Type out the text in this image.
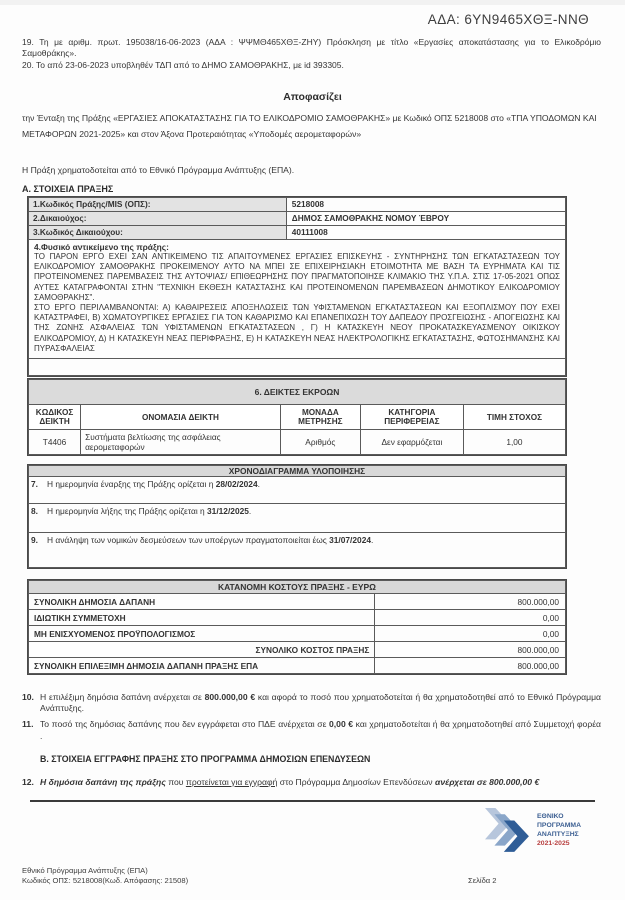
ΑΔΑ: 6ΥΝ9465ΧΘΞ-ΝΝΘ

19. Τη με αριθμ. πρωτ. 195038/16-06-2023 (ΑΔΑ : ΨΨΜΘ465ΧΘΞ-ΖΗΥ) Πρόσκληση με τίτλο «Εργασίες αποκατάστασης για το Ελικοδρόμιο Σαμοθράκης».

20. Το από 23-06-2023 υποβληθέν ΤΔΠ από το ΔΗΜΟ ΣΑΜΟΘΡΑΚΗΣ, με id 393305.

Αποφασίζει

την Ένταξη της Πράξης «ΕΡΓΑΣΙΕΣ ΑΠΟΚΑΤΑΣΤΑΣΗΣ ΓΙΑ ΤΟ ΕΛΙΚΟΔΡΟΜΙΟ ΣΑΜΟΘΡΑΚΗΣ» με Κωδικό ΟΠΣ 5218008 στο «ΤΠΑ ΥΠΟΔΟΜΩΝ ΚΑΙ ΜΕΤΑΦΟΡΩΝ 2021-2025» και στον Άξονα Προτεραιότητας «Υποδομές αερομεταφορών»

Η Πράξη χρηματοδοτείται από το Εθνικό Πρόγραμμα Ανάπτυξης (ΕΠΑ).

Α. ΣΤΟΙΧΕΙΑ ΠΡΑΞΗΣ
1.Κωδικός Πράξης/MIS (ΟΠΣ):	5218008
2.Δικαιούχος:	ΔΗΜΟΣ ΣΑΜΟΘΡΑΚΗΣ ΝΟΜΟΥ ΈΒΡΟΥ
3.Κωδικός Δικαιούχου:	40111008

4.Φυσικό αντικείμενο της πράξης:
ΤΟ ΠΑΡΟΝ ΕΡΓΟ ΕΧΕΙ ΣΑΝ ΑΝΤΙΚΕΙΜΕΝΟ ΤΙΣ ΑΠΑΙΤΟΥΜΕΝΕΣ ΕΡΓΑΣΙΕΣ ΕΠΙΣΚΕΥΗΣ - ΣΥΝΤΗΡΗΣΗΣ ΤΩΝ ΕΓΚΑΤΑΣΤΑΣΕΩΝ ΤΟΥ ΕΛΙΚΟΔΡΟΜΙΟΥ ΣΑΜΟΘΡΑΚΗΣ ΠΡΟΚΕΙΜΕΝΟΥ ΑΥΤΟ ΝΑ ΜΠΕΙ ΣΕ ΕΠΙΧΕΙΡΗΣΙΑΚΗ ΕΤΟΙΜΟΤΗΤΑ ΜΕ ΒΑΣΗ ΤΑ ΕΥΡΗΜΑΤΑ ΚΑΙ ΤΙΣ ΠΡΟΤΕΙΝΟΜΕΝΕΣ ΠΑΡΕΜΒΑΣΕΙΣ ΤΗΣ ΑΥΤΟΨΙΑΣ/ ΕΠΙΘΕΩΡΗΣΗΣ ΠΟΥ ΠΡΑΓΜΑΤΟΠΟΙΗΣΕ ΚΛΙΜΑΚΙΟ ΤΗΣ Υ.Π.Α. ΣΤΙΣ 17-05-2021 ΟΠΩΣ ΑΥΤΕΣ ΚΑΤΑΓΡΑΦΟΝΤΑΙ ΣΤΗΝ "ΤΕΧΝΙΚΗ ΕΚΘΕΣΗ ΚΑΤΑΣΤΑΣΗΣ ΚΑΙ ΠΡΟΤΕΙΝΟΜΕΝΩΝ ΠΑΡΕΜΒΑΣΕΩΝ ΔΗΜΟΤΙΚΟΥ ΕΛΙΚΟΔΡΟΜΙΟΥ ΣΑΜΟΘΡΑΚΗΣ".
ΣΤΟ ΕΡΓΟ ΠΕΡΙΛΑΜΒΑΝΟΝΤΑΙ: Α) ΚΑΘΑΙΡΕΣΕΙΣ ΑΠΟΞΗΛΩΣΕΙΣ ΤΩΝ ΥΦΙΣΤΑΜΕΝΩΝ ΕΓΚΑΤΑΣΤΑΣΕΩΝ ΚΑΙ ΕΞΟΠΛΙΣΜΟΥ ΠΟΥ ΕΧΕΙ ΚΑΤΑΣΤΡΑΦΕΙ, Β) ΧΩΜΑΤΟΥΡΓΙΚΕΣ ΕΡΓΑΣΙΕΣ ΓΙΑ ΤΟΝ ΚΑΘΑΡΙΣΜΟ ΚΑΙ ΕΠΑΝΕΠΙΧΩΣΗ ΤΟΥ ΔΑΠΕΔΟΥ ΠΡΟΣΓΕΙΩΣΗΣ - ΑΠΟΓΕΙΩΣΗΣ ΚΑΙ ΤΗΣ ΖΩΝΗΣ ΑΣΦΑΛΕΙΑΣ ΤΩΝ ΥΦΙΣΤΑΜΕΝΩΝ ΕΓΚΑΤΑΣΤΑΣΕΩΝ , Γ) Η ΚΑΤΑΣΚΕΥΗ ΝΕΟΥ ΠΡΟΚΑΤΑΣΚΕΥΑΣΜΕΝΟΥ ΟΙΚΙΣΚΟΥ ΕΛΙΚΟΔΡΟΜΙΟΥ, Δ) Η ΚΑΤΑΣΚΕΥΗ ΝΕΑΣ ΠΕΡΙΦΡΑΞΗΣ, Ε) Η ΚΑΤΑΣΚΕΥΗ ΝΕΑΣ ΗΛΕΚΤΡΟΛΟΓΙΚΗΣ ΕΓΚΑΤΑΣΤΑΣΗΣ, ΦΩΤΟΣΗΜΑΝΣΗΣ ΚΑΙ ΠΥΡΑΣΦΑΛΕΙΑΣ	

6. ΔΕΙΚΤΕΣ ΕΚΡΟΩΝ				
ΚΩΔΙΚΟΣ ΔΕΙΚΤΗ	ΟΝΟΜΑΣΙΑ ΔΕΙΚΤΗ	ΜΟΝΑΔΑ ΜΕΤΡΗΣΗΣ	ΚΑΤΗΓΟΡΙΑ ΠΕΡΙΦΕΡΕΙΑΣ	ΤΙΜΗ ΣΤΟΧΟΣ
T4406	Συστήματα βελτίωσης της ασφάλειας αερομεταφορών	Αριθμός	Δεν εφαρμόζεται	1,00
ΧΡΟΝΟΔΙΑΓΡΑΜΜΑ ΥΛΟΠΟΙΗΣΗΣ

7.	Η ημερομηνία έναρξης της Πράξης ορίζεται η 28/02/2024.

8.	Η ημερομηνία λήξης της Πράξης ορίζεται η 31/12/2025.

9.	Η ανάληψη των νομικών δεσμεύσεων των υποέργων πραγματοποιείται έως 31/07/2024.
ΚΑΤΑΝΟΜΗ ΚΟΣΤΟΥΣ ΠΡΑΞΗΣ - ΕΥΡΩ	
ΣΥΝΟΛΙΚΗ ΔΗΜΟΣΙΑ ΔΑΠΑΝΗ	800.000,00
ΙΔΙΩΤΙΚΗ ΣΥΜΜΕΤΟΧΗ	0,00
ΜΗ ΕΝΙΣΧΥΟΜΕΝΟΣ ΠΡΟΫΠΟΛΟΓΙΣΜΟΣ	0,00
ΣΥΝΟΛΙΚΟ ΚΟΣΤΟΣ ΠΡΑΞΗΣ	800.000,00
ΣΥΝΟΛΙΚΗ ΕΠΙΛΕΞΙΜΗ ΔΗΜΟΣΙΑ ΔΑΠΑΝΗ ΠΡΑΞΗΣ ΕΠΑ	800.000,00
10. Η επιλέξιμη δημόσια δαπάνη ανέρχεται σε 800.000,00 € και αφορά το ποσό που χρηματοδοτείται ή θα χρηματοδοτηθεί από το Εθνικό Πρόγραμμα Ανάπτυξης.
11. Το ποσό της δημόσιας δαπάνης που δεν εγγράφεται στο ΠΔΕ ανέρχεται σε 0,00 € και χρηματοδοτείται ή θα χρηματοδοτηθεί από Συμμετοχή φορέα .
Β. ΣΤΟΙΧΕΙΑ ΕΓΓΡΑΦΗΣ ΠΡΑΞΗΣ ΣΤΟ ΠΡΟΓΡΑΜΜΑ ΔΗΜΟΣΙΩΝ ΕΠΕΝΔΥΣΕΩΝ
12. Η δημόσια δαπάνη της πράξης που προτείνεται για εγγραφή στο Πρόγραμμα Δημοσίων Επενδύσεων ανέρχεται σε 800.000,00 €
ΕΘΝΙΚΟ
ΠΡΟΓΡΑΜΜΑ
ΑΝΑΠΤΥΞΗΣ
2021-2025
Εθνικό Πρόγραμμα Ανάπτυξης (ΕΠΑ)
Κωδικός ΟΠΣ: 5218008(Κωδ. Απόφασης: 21508)	Σελίδα 2
